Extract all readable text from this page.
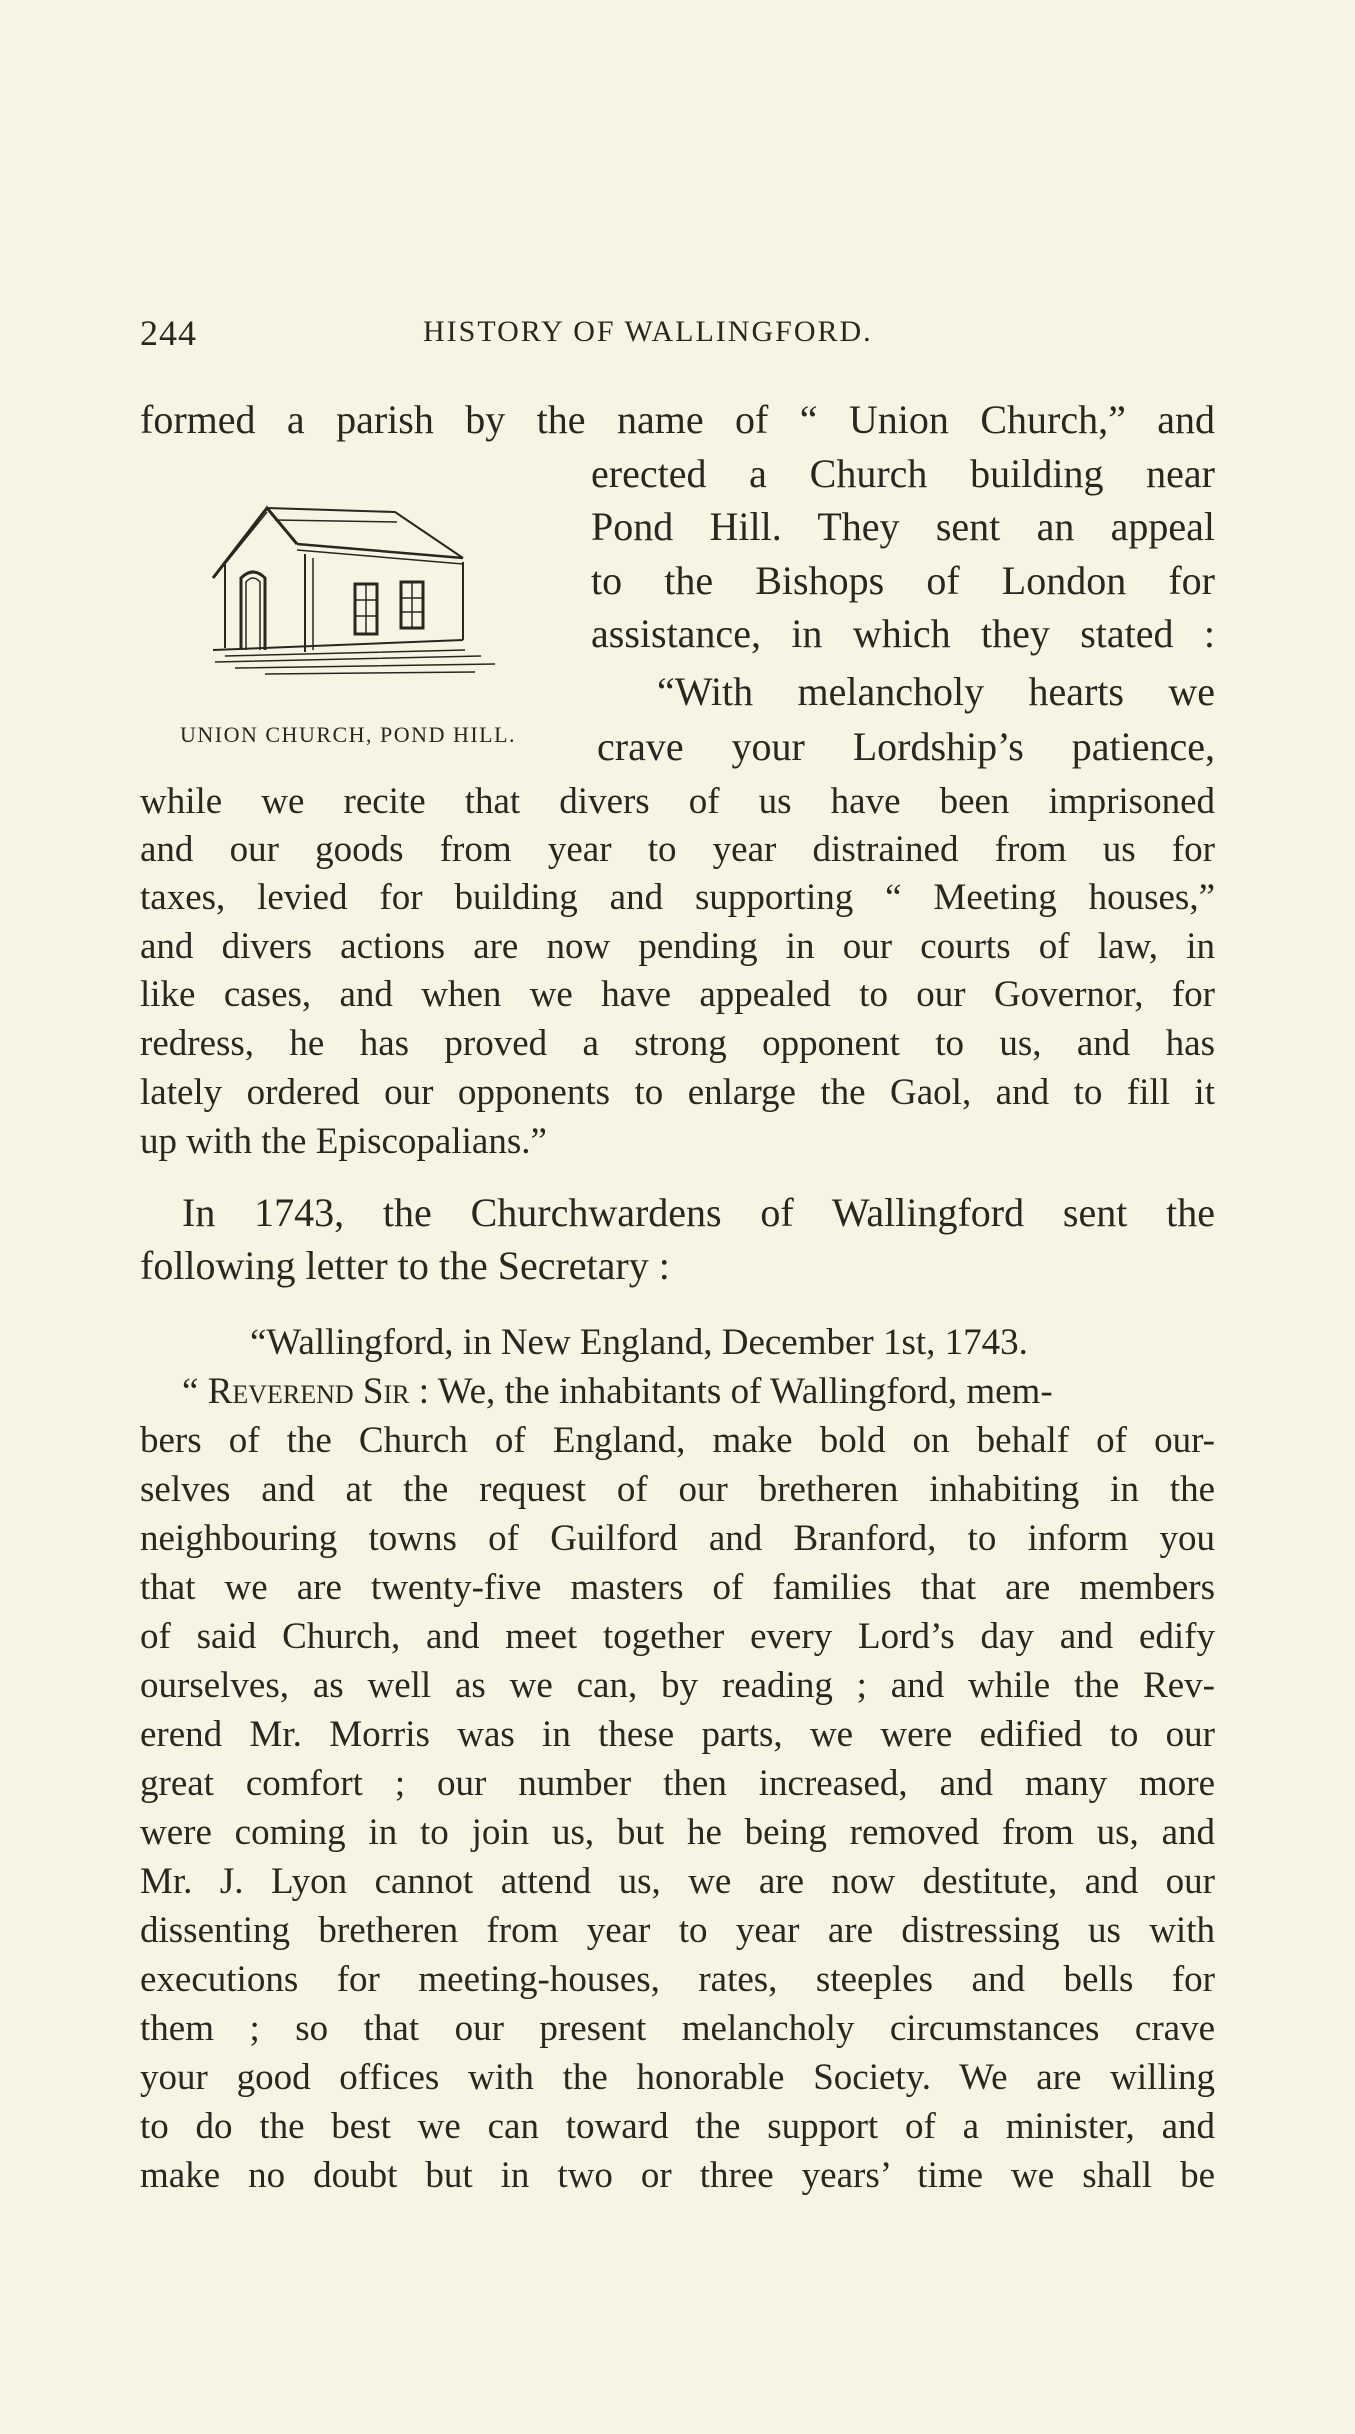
244	HISTORY OF WALLINGFORD.
formed a parish by the name of “ Union Church,” and
erected a Church building near
Pond Hill. They sent an appeal
to the Bishops of London for
assistance, in which they stated :
“With melancholy hearts we
crave your Lordship’s patience,
UNION CHURCH, POND HILL.
while we recite that divers of us have been imprisoned
and our goods from year to year distrained from us for
taxes, levied for building and supporting “ Meeting houses,”
and divers actions are now pending in our courts of law, in
like cases, and when we have appealed to our Governor, for
redress, he has proved a strong opponent to us, and has
lately ordered our opponents to enlarge the Gaol, and to fill it
up with the Episcopalians.”
In 1743, the Churchwardens of Wallingford sent the
following letter to the Secretary :
“Wallingford, in New England, December 1st, 1743.
“ Reverend Sir : We, the inhabitants of Wallingford, mem-
bers of the Church of England, make bold on behalf of our-
selves and at the request of our bretheren inhabiting in the
neighbouring towns of Guilford and Branford, to inform you
that we are twenty-five masters of families that are members
of said Church, and meet together every Lord’s day and edify
ourselves, as well as we can, by reading ; and while the Rev-
erend Mr. Morris was in these parts, we were edified to our
great comfort ; our number then increased, and many more
were coming in to join us, but he being removed from us, and
Mr. J. Lyon cannot attend us, we are now destitute, and our
dissenting bretheren from year to year are distressing us with
executions for meeting-houses, rates, steeples and bells for
them ; so that our present melancholy circumstances crave
your good offices with the honorable Society. We are willing
to do the best we can toward the support of a minister, and
make no doubt but in two or three years’ time we shall be
